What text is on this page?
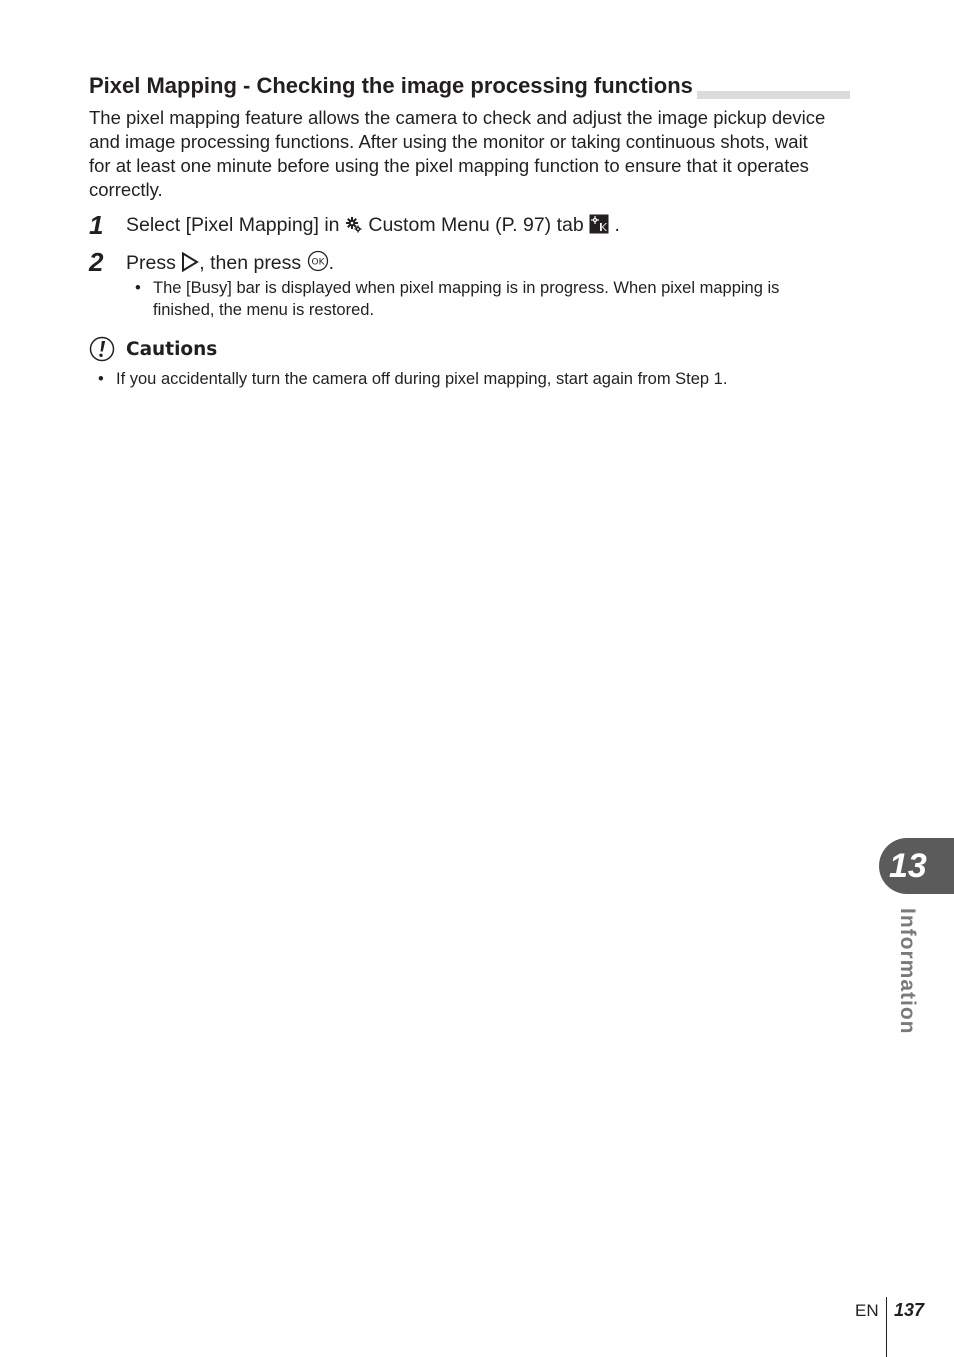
Pixel Mapping - Checking the image processing functions

The pixel mapping feature allows the camera to check and adjust the image pickup device and image processing functions. After using the monitor or taking continuous shots, wait for at least one minute before using the pixel mapping function to ensure that it operates correctly.

1 Select [Pixel Mapping] in  Custom Menu (P. 97) tab  .
2 Press , then press OK .

• The [Busy] bar is displayed when pixel mapping is in progress. When pixel mapping is finished, the menu is restored.

Cautions

• If you accidentally turn the camera off during pixel mapping, start again from Step 1.

13
Information
EN 137
